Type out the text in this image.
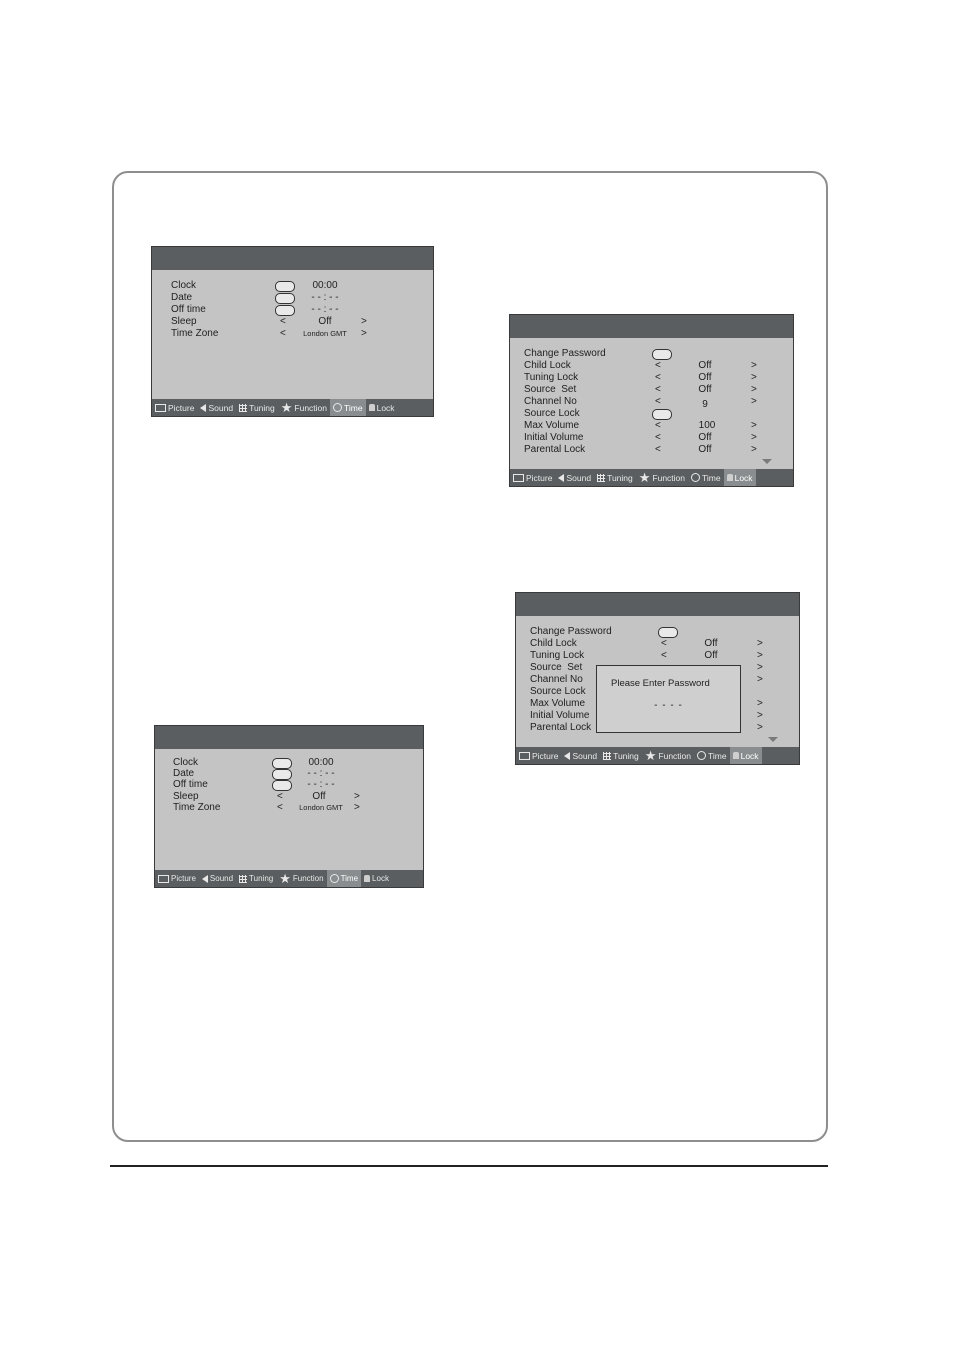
Clock	00:00
Date	- - : - -
Off time	- - : - -
Sleep	<	Off	>
Time Zone	<	London GMT	>
Picture Sound Tuning ★ Function Time Lock
Change Password
Child Lock	<	Off	>
Tuning Lock	<	Off	>
Source  Set	<	Off	>
Channel No	<	9	>
Source Lock
Max Volume	<	100	>
Initial Volume	<	Off	>
Parental Lock	<	Off	>
Picture Sound Tuning ★ Function Time Lock
Change Password
Child Lock	<	Off	>
Tuning Lock	<	Off	>
Source  Set	>
Channel No	>
Source Lock
Max Volume	>
Initial Volume	>
Parental Lock	>
Please Enter Password
- - - -
Picture Sound Tuning ★ Function Time Lock
Clock	00:00
Date	- - : - -
Off time	- - : - -
Sleep	<	Off	>
Time Zone	<	London GMT	>
Picture Sound Tuning ★ Function Time Lock
